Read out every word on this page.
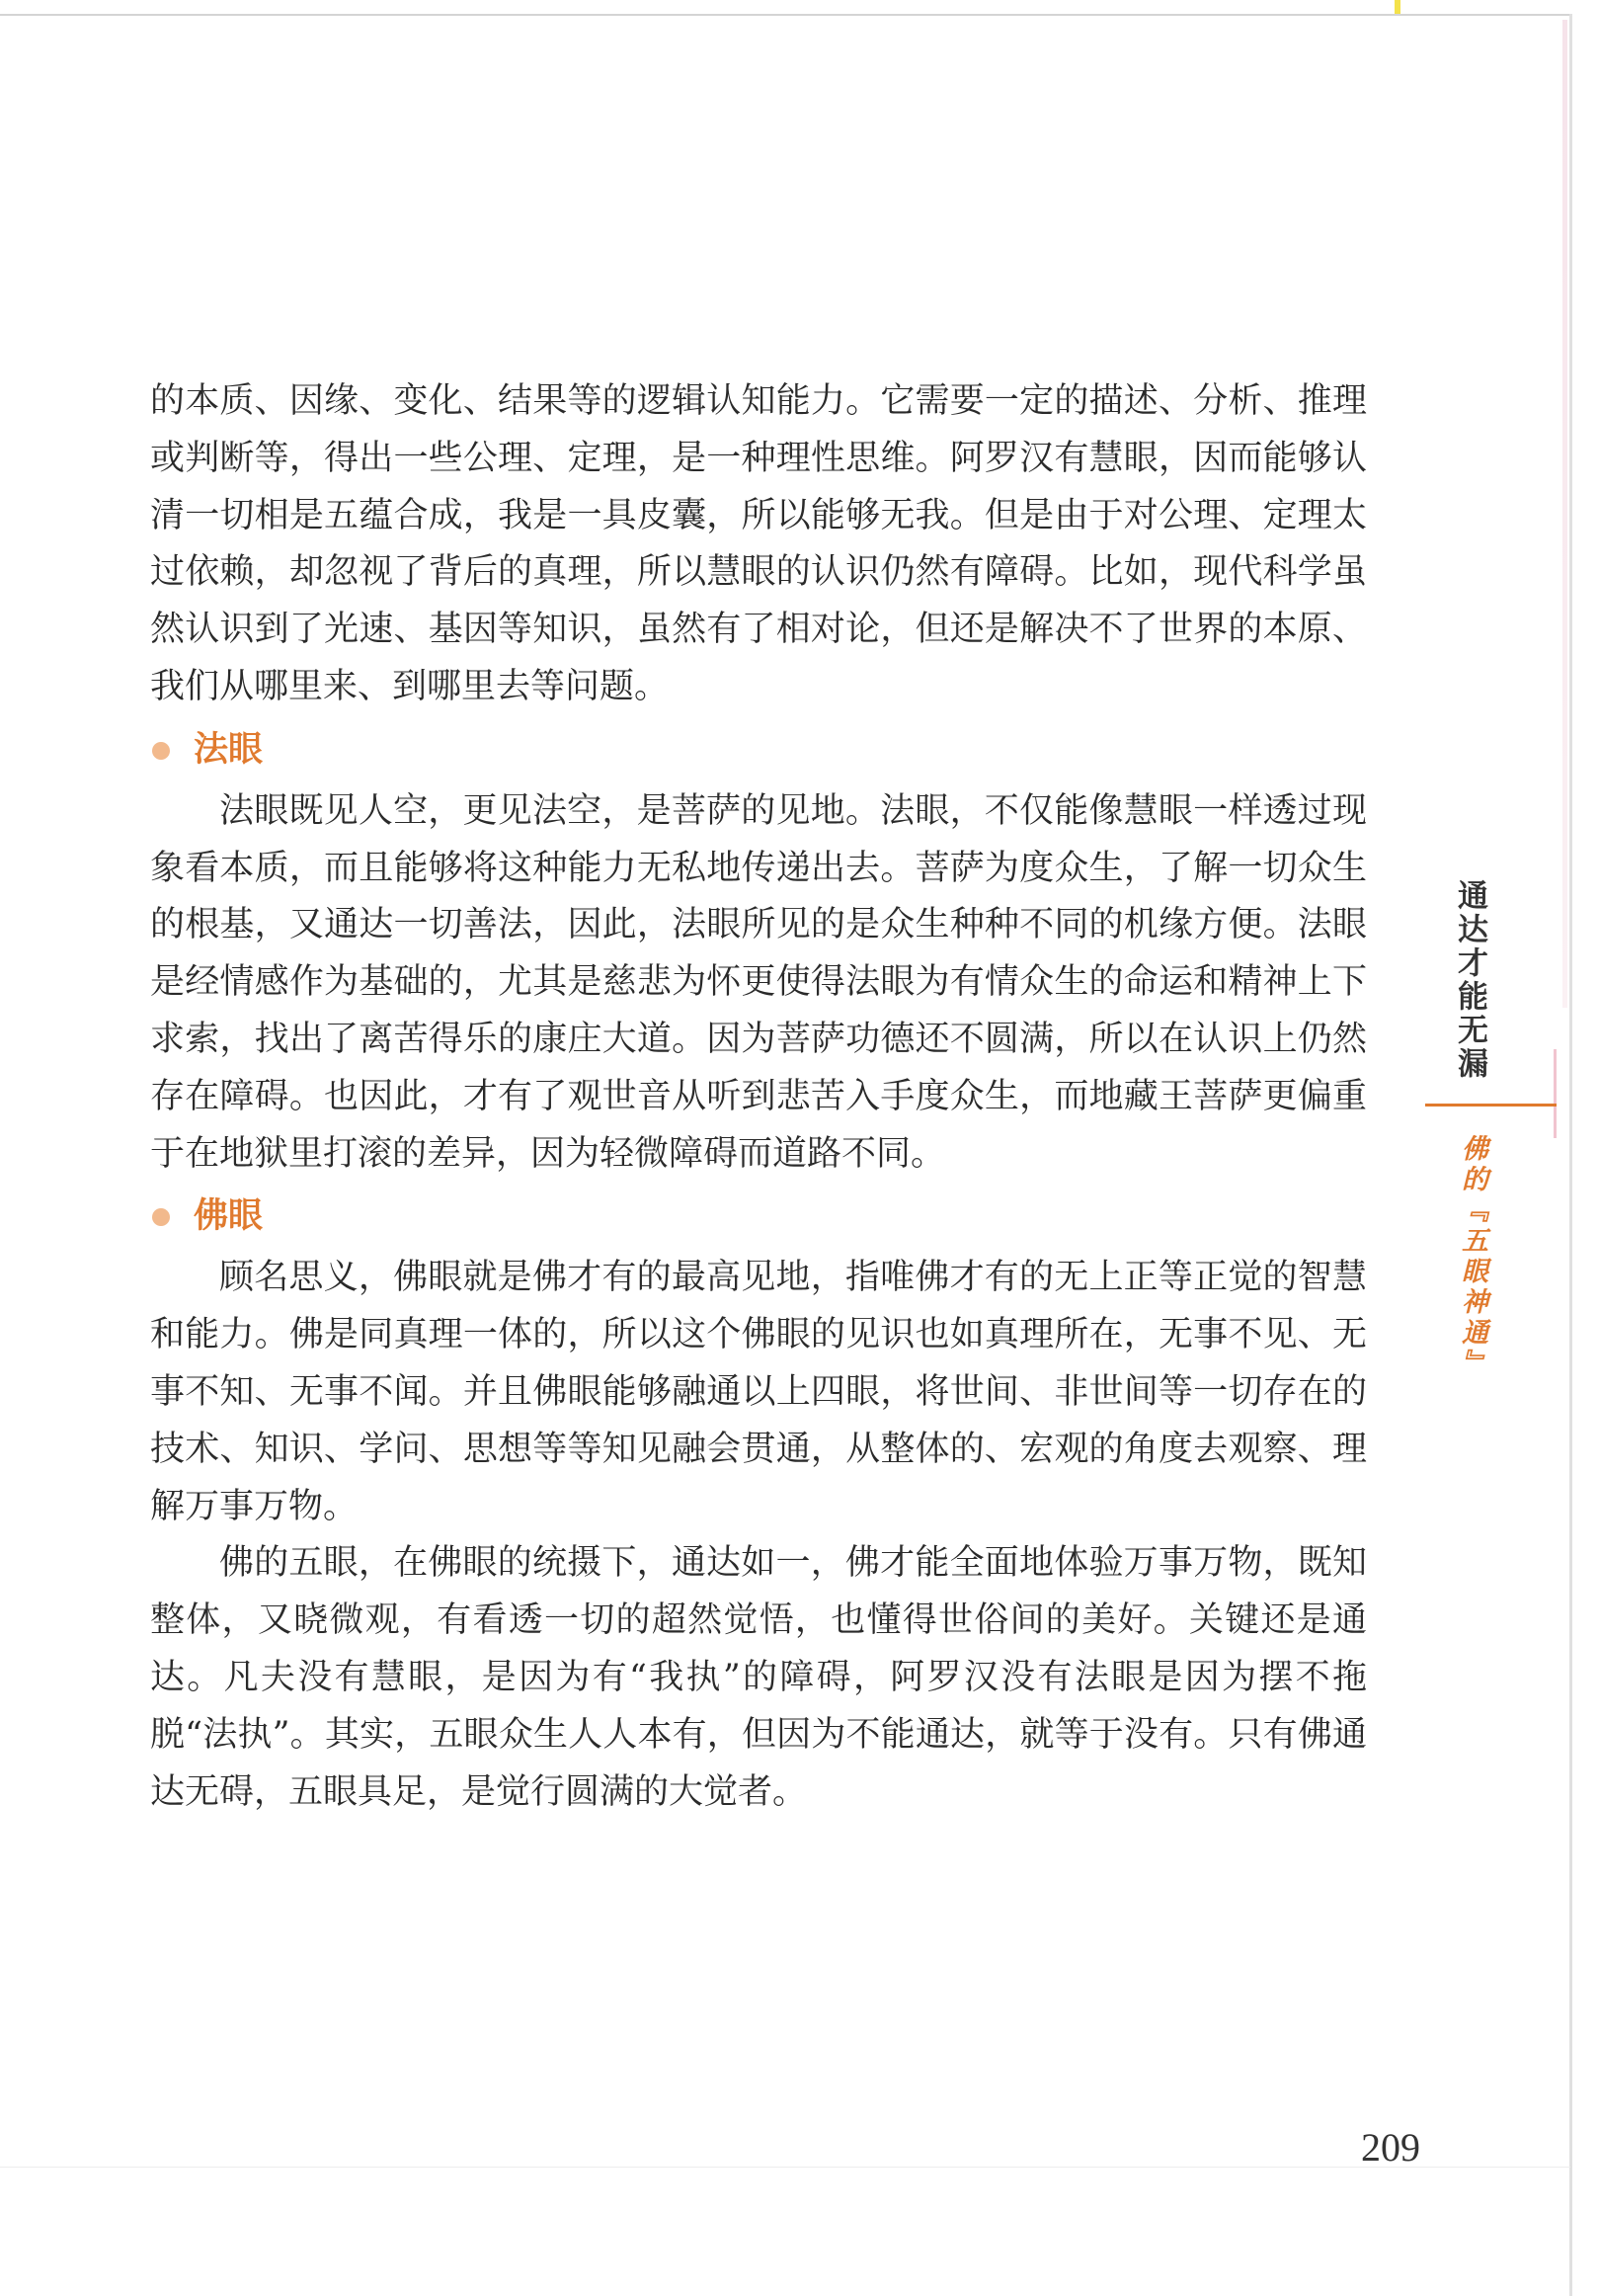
的本质、因缘、变化、结果等的逻辑认知能力。它需要一定的描述、分析、推理或判断等，得出一些公理、定理，是一种理性思维。阿罗汉有慧眼，因而能够认清一切相是五蕴合成，我是一具皮囊，所以能够无我。但是由于对公理、定理太过依赖，却忽视了背后的真理，所以慧眼的认识仍然有障碍。比如，现代科学虽然认识到了光速、基因等知识，虽然有了相对论，但还是解决不了世界的本原、我们从哪里来、到哪里去等问题。

法眼

法眼既见人空，更见法空，是菩萨的见地。法眼，不仅能像慧眼一样透过现象看本质，而且能够将这种能力无私地传递出去。菩萨为度众生，了解一切众生的根基，又通达一切善法，因此，法眼所见的是众生种种不同的机缘方便。法眼是经情感作为基础的，尤其是慈悲为怀更使得法眼为有情众生的命运和精神上下求索，找出了离苦得乐的康庄大道。因为菩萨功德还不圆满，所以在认识上仍然存在障碍。也因此，才有了观世音从听到悲苦入手度众生，而地藏王菩萨更偏重于在地狱里打滚的差异，因为轻微障碍而道路不同。

佛眼

顾名思义，佛眼就是佛才有的最高见地，指唯佛才有的无上正等正觉的智慧和能力。佛是同真理一体的，所以这个佛眼的见识也如真理所在，无事不见、无事不知、无事不闻。并且佛眼能够融通以上四眼，将世间、非世间等一切存在的技术、知识、学问、思想等等知见融会贯通，从整体的、宏观的角度去观察、理解万事万物。

佛的五眼，在佛眼的统摄下，通达如一，佛才能全面地体验万事万物，既知整体，又晓微观，有看透一切的超然觉悟，也懂得世俗间的美好。关键还是通达。凡夫没有慧眼，是因为有“我执”的障碍，阿罗汉没有法眼是因为摆不拖脱“法执”。其实，五眼众生人人本有，但因为不能通达，就等于没有。只有佛通达无碍，五眼具足，是觉行圆满的大觉者。

通达才能无漏
佛的『五眼神通』
209
